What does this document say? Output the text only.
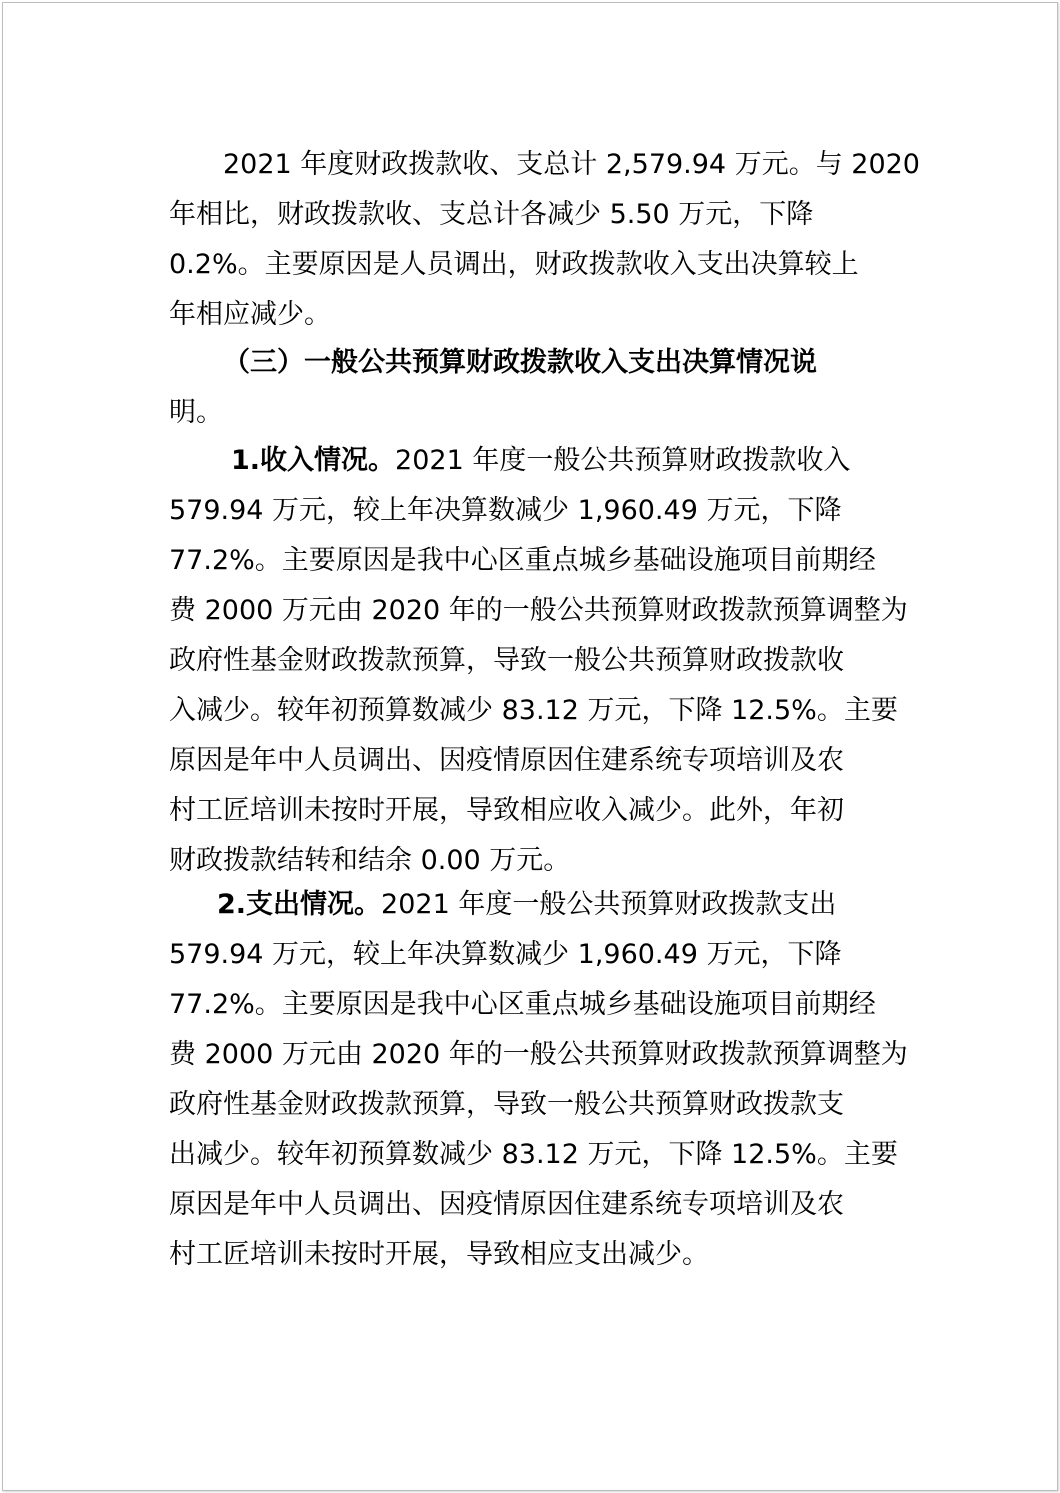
2021 年度财政拨款收、支总计 2,579.94 万元。与 2020
年相比，财政拨款收、支总计各减少 5.50 万元，下降
0.2%。主要原因是人员调出，财政拨款收入支出决算较上
年相应减少。
（三）一般公共预算财政拨款收入支出决算情况说
明。
1.收入情况。2021 年度一般公共预算财政拨款收入
579.94 万元，较上年决算数减少 1,960.49 万元，下降
77.2%。主要原因是我中心区重点城乡基础设施项目前期经
费 2000 万元由 2020 年的一般公共预算财政拨款预算调整为
政府性基金财政拨款预算，导致一般公共预算财政拨款收
入减少。较年初预算数减少 83.12 万元，下降 12.5%。主要
原因是年中人员调出、因疫情原因住建系统专项培训及农
村工匠培训未按时开展，导致相应收入减少。此外，年初
财政拨款结转和结余 0.00 万元。
2.支出情况。2021 年度一般公共预算财政拨款支出
579.94 万元，较上年决算数减少 1,960.49 万元，下降
77.2%。主要原因是我中心区重点城乡基础设施项目前期经
费 2000 万元由 2020 年的一般公共预算财政拨款预算调整为
政府性基金财政拨款预算，导致一般公共预算财政拨款支
出减少。较年初预算数减少 83.12 万元，下降 12.5%。主要
原因是年中人员调出、因疫情原因住建系统专项培训及农
村工匠培训未按时开展，导致相应支出减少。
